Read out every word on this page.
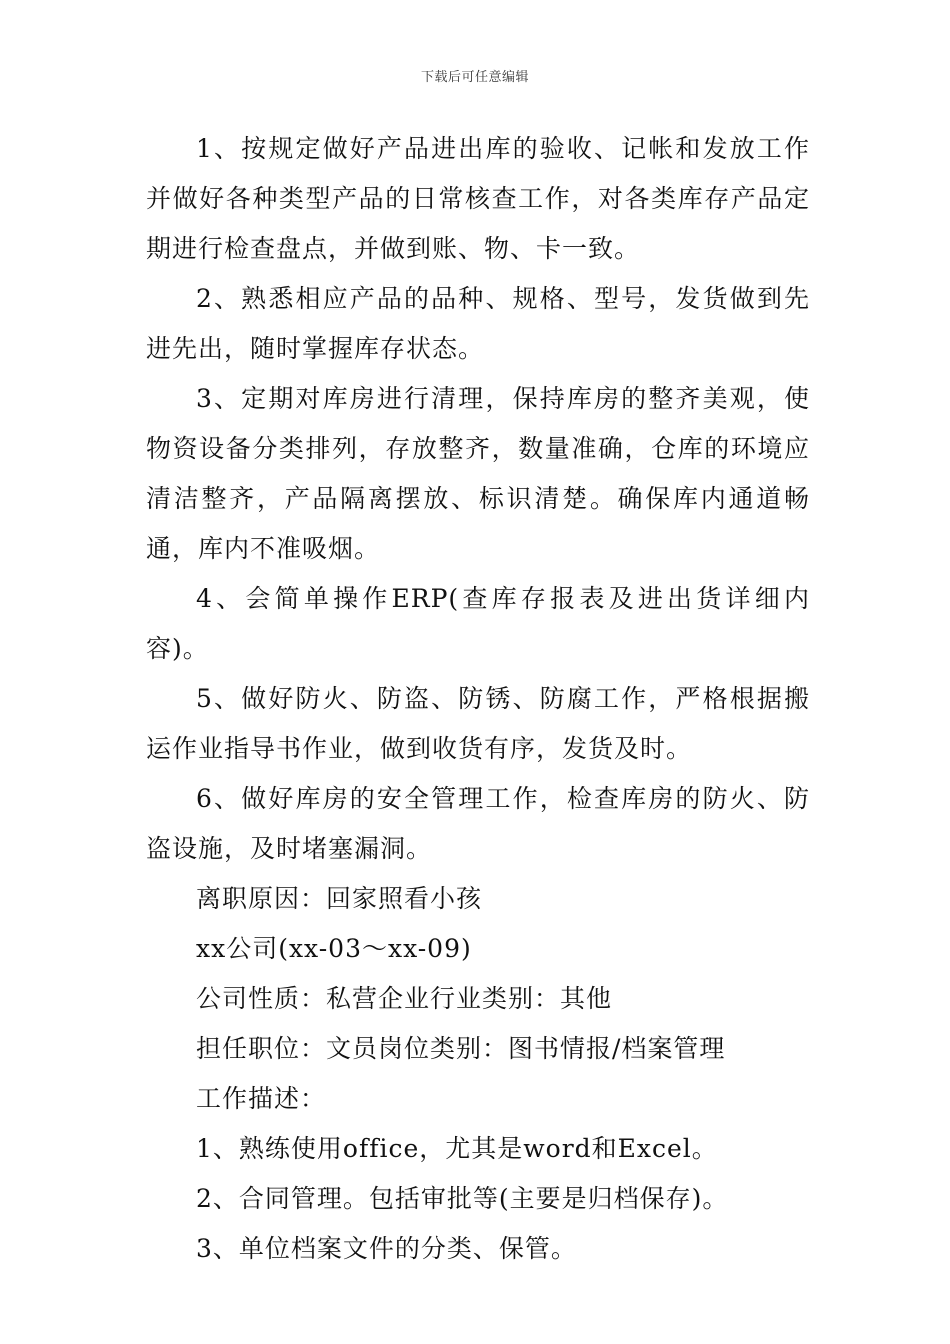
下载后可任意编辑

1、按规定做好产品进出库的验收、记帐和发放工作并做好各种类型产品的日常核查工作，对各类库存产品定期进行检查盘点，并做到账、物、卡一致。

2、熟悉相应产品的品种、规格、型号，发货做到先进先出，随时掌握库存状态。

3、定期对库房进行清理，保持库房的整齐美观，使物资设备分类排列，存放整齐，数量准确，仓库的环境应清洁整齐，产品隔离摆放、标识清楚。确保库内通道畅通，库内不准吸烟。

4、会简单操作ERP(查库存报表及进出货详细内容)。

5、做好防火、防盗、防锈、防腐工作，严格根据搬运作业指导书作业，做到收货有序，发货及时。

6、做好库房的安全管理工作，检查库房的防火、防盗设施，及时堵塞漏洞。

离职原因：回家照看小孩

xx公司(xx-03～xx-09)

公司性质：私营企业行业类别：其他

担任职位：文员岗位类别：图书情报/档案管理

工作描述：

1、熟练使用office，尤其是word和Excel。

2、合同管理。包括审批等(主要是归档保存)。

3、单位档案文件的分类、保管。
